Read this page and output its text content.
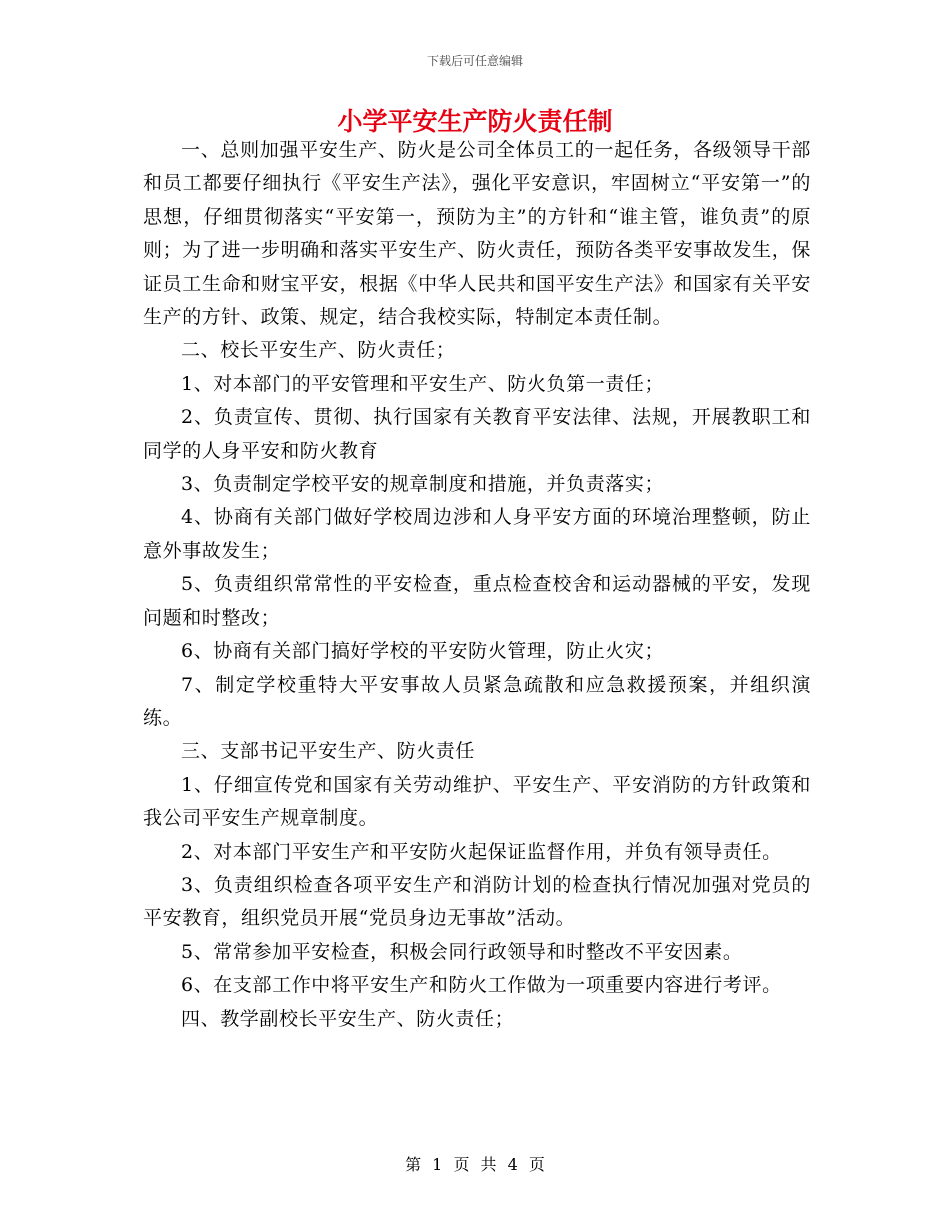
下载后可任意编辑
小学平安生产防火责任制

一、总则加强平安生产、防火是公司全体员工的一起任务，各级领导干部和员工都要仔细执行《平安生产法》，强化平安意识，牢固树立“平安第一”的思想，仔细贯彻落实“平安第一，预防为主”的方针和“谁主管，谁负责”的原则；为了进一步明确和落实平安生产、防火责任，预防各类平安事故发生，保证员工生命和财宝平安，根据《中华人民共和国平安生产法》和国家有关平安生产的方针、政策、规定，结合我校实际，特制定本责任制。

二、校长平安生产、防火责任；

1、对本部门的平安管理和平安生产、防火负第一责任；

2、负责宣传、贯彻、执行国家有关教育平安法律、法规，开展教职工和同学的人身平安和防火教育

3、负责制定学校平安的规章制度和措施，并负责落实；

4、协商有关部门做好学校周边涉和人身平安方面的环境治理整顿，防止意外事故发生；

5、负责组织常常性的平安检查，重点检查校舍和运动器械的平安，发现问题和时整改；

6、协商有关部门搞好学校的平安防火管理，防止火灾；

7、制定学校重特大平安事故人员紧急疏散和应急救援预案，并组织演练。

三、支部书记平安生产、防火责任

1、仔细宣传党和国家有关劳动维护、平安生产、平安消防的方针政策和我公司平安生产规章制度。

2、对本部门平安生产和平安防火起保证监督作用，并负有领导责任。

3、负责组织检查各项平安生产和消防计划的检查执行情况加强对党员的平安教育，组织党员开展“党员身边无事故”活动。

5、常常参加平安检查，积极会同行政领导和时整改不平安因素。

6、在支部工作中将平安生产和防火工作做为一项重要内容进行考评。

四、教学副校长平安生产、防火责任；

第 1 页 共 4 页
